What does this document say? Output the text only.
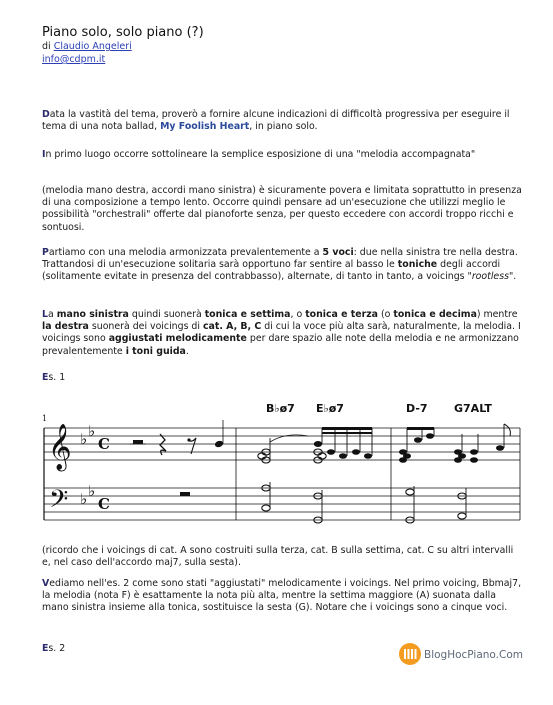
Piano solo, solo piano (?)
di Claudio Angeleri
info@cdpm.it

Data la vastità del tema, proverò a fornire alcune indicazioni di difficoltà progressiva per eseguire il tema di una nota ballad, My Foolish Heart, in piano solo.

In primo luogo occorre sottolineare la semplice esposizione di una "melodia accompagnata"

(melodia mano destra, accordi mano sinistra) è sicuramente povera e limitata soprattutto in presenza di una composizione a tempo lento. Occorre quindi pensare ad un'esecuzione che utilizzi meglio le possibilità "orchestrali" offerte dal pianoforte senza, per questo eccedere con accordi troppo ricchi e sontuosi.

Partiamo con una melodia armonizzata prevalentemente a 5 voci: due nella sinistra tre nella destra. Trattandosi di un'esecuzione solitaria sarà opportuno far sentire al basso le toniche degli accordi (solitamente evitate in presenza del contrabbasso), alternate, di tanto in tanto, a voicings "rootless".

La mano sinistra quindi suonerà tonica e settima, o tonica e terza (o tonica e decima) mentre la destra suonerà dei voicings di cat. A, B, C di cui la voce più alta sarà, naturalmente, la melodia. I voicings sono aggiustati melodicamente per dare spazio alle note della melodia e ne armonizzano prevalentemente i toni guida.

Es. 1

1
𝄞
𝄢
♭ ♭
♭ ♭
C
C
B♭ø7 E♭ø7	D-7 G7ALT

(ricordo che i voicings di cat. A sono costruiti sulla terza, cat. B sulla settima, cat. C su altri intervalli e, nel caso dell'accordo maj7, sulla sesta).

Vediamo nell'es. 2 come sono stati "aggiustati" melodicamente i voicings. Nel primo voicing, Bbmaj7, la melodia (nota F) è esattamente la nota più alta, mentre la settima maggiore (A) suonata dalla mano sinistra insieme alla tonica, sostituisce la sesta (G). Notare che i voicings sono a cinque voci.

Es. 2

BlogHocPiano.Com
